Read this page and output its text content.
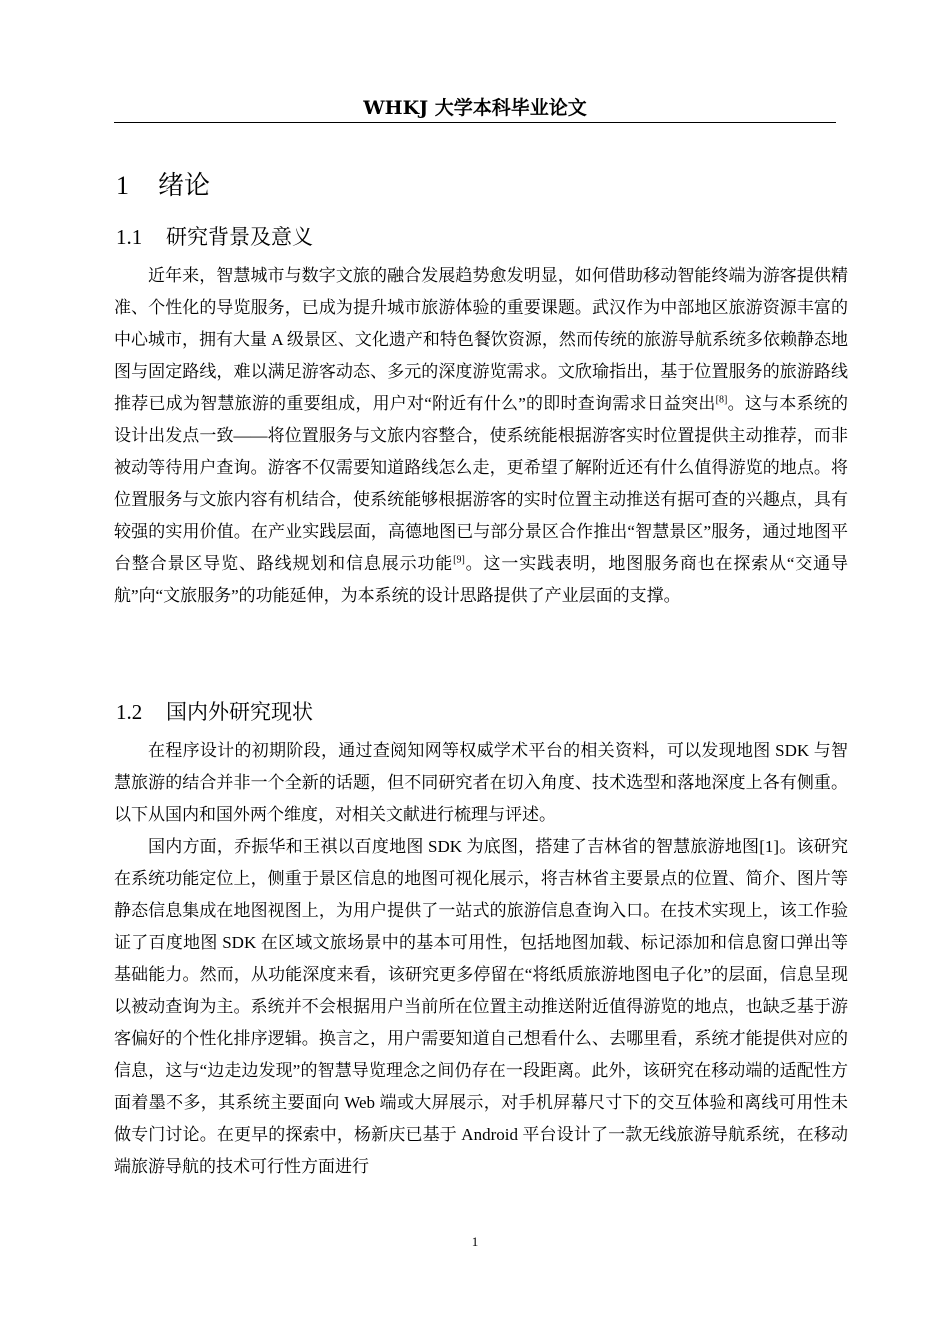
WHKJ 大学本科毕业论文
1 绪论
1.1 研究背景及意义

近年来，智慧城市与数字文旅的融合发展趋势愈发明显，如何借助移动智能终端为游客提供精准、个性化的导览服务，已成为提升城市旅游体验的重要课题。武汉作为中部地区旅游资源丰富的中心城市，拥有大量 A 级景区、文化遗产和特色餐饮资源，然而传统的旅游导航系统多依赖静态地图与固定路线，难以满足游客动态、多元的深度游览需求。文欣瑜指出，基于位置服务的旅游路线推荐已成为智慧旅游的重要组成，用户对“附近有什么”的即时查询需求日益突出[8]。这与本系统的设计出发点一致——将位置服务与文旅内容整合，使系统能根据游客实时位置提供主动推荐，而非被动等待用户查询。游客不仅需要知道路线怎么走，更希望了解附近还有什么值得游览的地点。将位置服务与文旅内容有机结合，使系统能够根据游客的实时位置主动推送有据可查的兴趣点，具有较强的实用价值。在产业实践层面，高德地图已与部分景区合作推出“智慧景区”服务，通过地图平台整合景区导览、路线规划和信息展示功能[9]。这一实践表明，地图服务商也在探索从“交通导航”向“文旅服务”的功能延伸，为本系统的设计思路提供了产业层面的支撑。

1.2 国内外研究现状

在程序设计的初期阶段，通过查阅知网等权威学术平台的相关资料，可以发现地图 SDK 与智慧旅游的结合并非一个全新的话题，但不同研究者在切入角度、技术选型和落地深度上各有侧重。以下从国内和国外两个维度，对相关文献进行梳理与评述。

国内方面，乔振华和王祺以百度地图 SDK 为底图，搭建了吉林省的智慧旅游地图[1]。该研究在系统功能定位上，侧重于景区信息的地图可视化展示，将吉林省主要景点的位置、简介、图片等静态信息集成在地图视图上，为用户提供了一站式的旅游信息查询入口。在技术实现上，该工作验证了百度地图 SDK 在区域文旅场景中的基本可用性，包括地图加载、标记添加和信息窗口弹出等基础能力。然而，从功能深度来看，该研究更多停留在“将纸质旅游地图电子化”的层面，信息呈现以被动查询为主。系统并不会根据用户当前所在位置主动推送附近值得游览的地点，也缺乏基于游客偏好的个性化排序逻辑。换言之，用户需要知道自己想看什么、去哪里看，系统才能提供对应的信息，这与“边走边发现”的智慧导览理念之间仍存在一段距离。此外，该研究在移动端的适配性方面着墨不多，其系统主要面向 Web 端或大屏展示，对手机屏幕尺寸下的交互体验和离线可用性未做专门讨论。在更早的探索中，杨新庆已基于 Android 平台设计了一款无线旅游导航系统，在移动端旅游导航的技术可行性方面进行

1
